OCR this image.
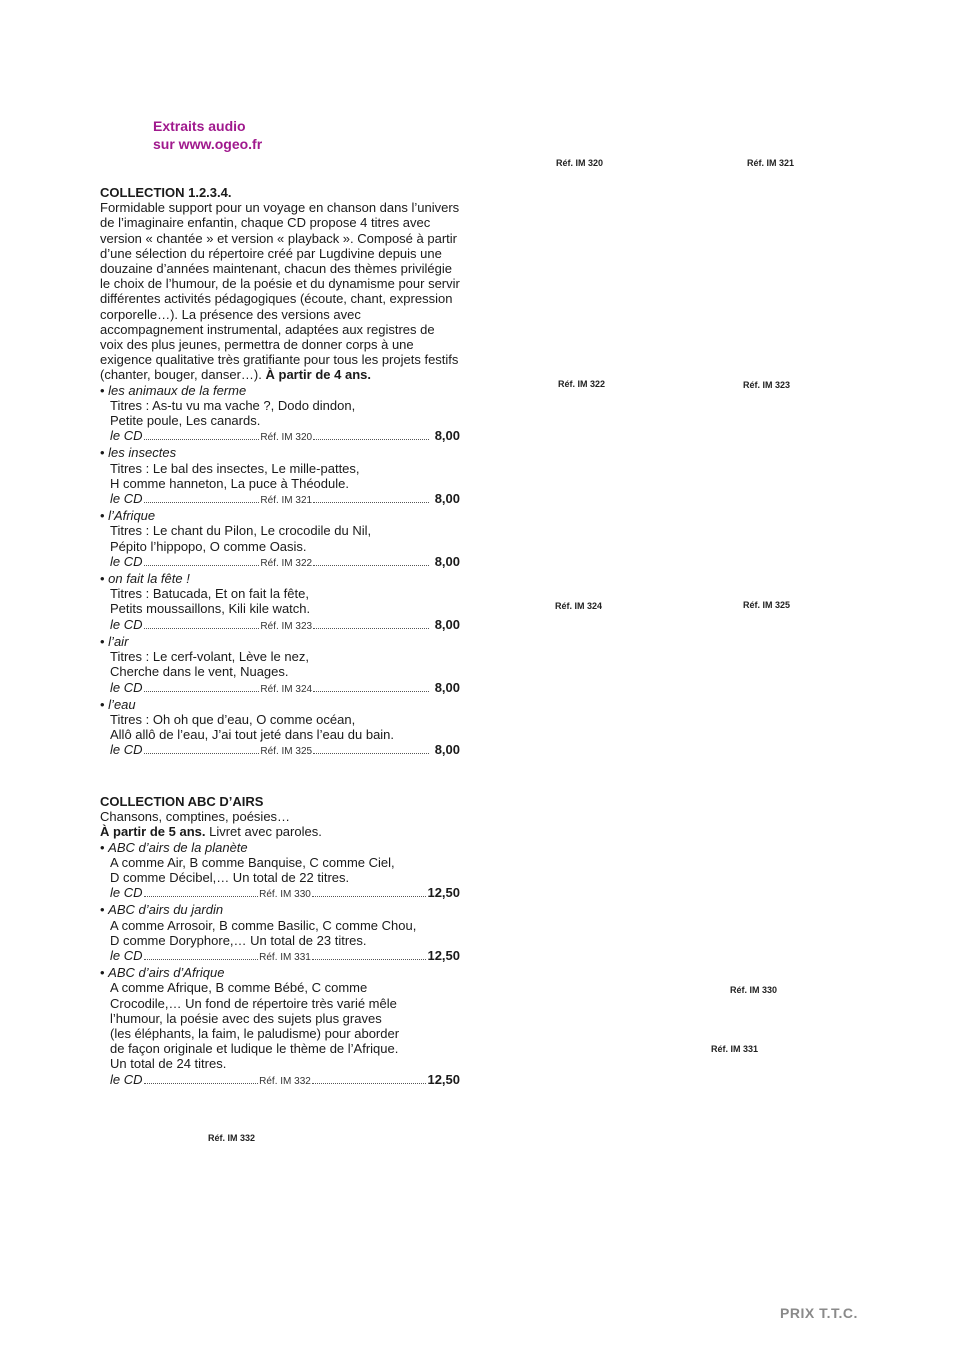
Extraits audio
sur www.ogeo.fr

COLLECTION 1.2.3.4.

Formidable support pour un voyage en chanson dans l’univers de l’imaginaire enfantin, chaque CD propose 4 titres avec version « chantée » et version « playback ». Composé à partir d’une sélection du répertoire créé par Lugdivine depuis une douzaine d’années maintenant, chacun des thèmes privilégie le choix de l’humour, de la poésie et du dynamisme pour servir différentes activités pédagogiques (écoute, chant, expression corporelle…). La présence des versions avec accompagnement instrumental, adaptées aux registres de voix des plus jeunes, permettra de donner corps à une exigence qualitative très gratifiante pour tous les projets festifs (chanter, bouger, danser…). À partir de 4 ans.

• les animaux de la ferme

Titres : As-tu vu ma vache ?, Dodo dindon,

Petite poule, Les canards.

le CD	Réf. IM 320	8,00

• les insectes

Titres : Le bal des insectes, Le mille-pattes,

H comme hanneton, La puce à Théodule.

le CD	Réf. IM 321	8,00

• l’Afrique

Titres : Le chant du Pilon, Le crocodile du Nil,

Pépito l’hippopo, O comme Oasis.

le CD	Réf. IM 322	8,00

• on fait la fête !

Titres : Batucada, Et on fait la fête,

Petits moussaillons, Kili kile watch.

le CD	Réf. IM 323	8,00

• l’air

Titres : Le cerf-volant, Lève le nez,

Cherche dans le vent, Nuages.

le CD	Réf. IM 324	8,00

• l’eau

Titres : Oh oh que d’eau, O comme océan,

Allô allô de l’eau, J’ai tout jeté dans l’eau du bain.

le CD	Réf. IM 325	8,00

COLLECTION ABC D’AIRS

Chansons, comptines, poésies…

À partir de 5 ans. Livret avec paroles.

• ABC d’airs de la planète

A comme Air, B comme Banquise, C comme Ciel,

D comme Décibel,… Un total de 22 titres.

le CD	Réf. IM 330	12,50

• ABC d’airs du jardin

A comme Arrosoir, B comme Basilic, C comme Chou,

D comme Doryphore,… Un total de 23 titres.

le CD	Réf. IM 331	12,50

• ABC d’airs d’Afrique

A comme Afrique, B comme Bébé, C comme

Crocodile,… Un fond de répertoire très varié mêle

l’humour, la poésie avec des sujets plus graves

(les éléphants, la faim, le paludisme) pour aborder

de façon originale et ludique le thème de l’Afrique.

Un total de 24 titres.

le CD	Réf. IM 332	12,50
Réf. IM 320	Réf. IM 321
Réf. IM 322	Réf. IM 323
Réf. IM 324	Réf. IM 325
Réf. IM 330
Réf. IM 331
Réf. IM 332
PRIX T.T.C.
